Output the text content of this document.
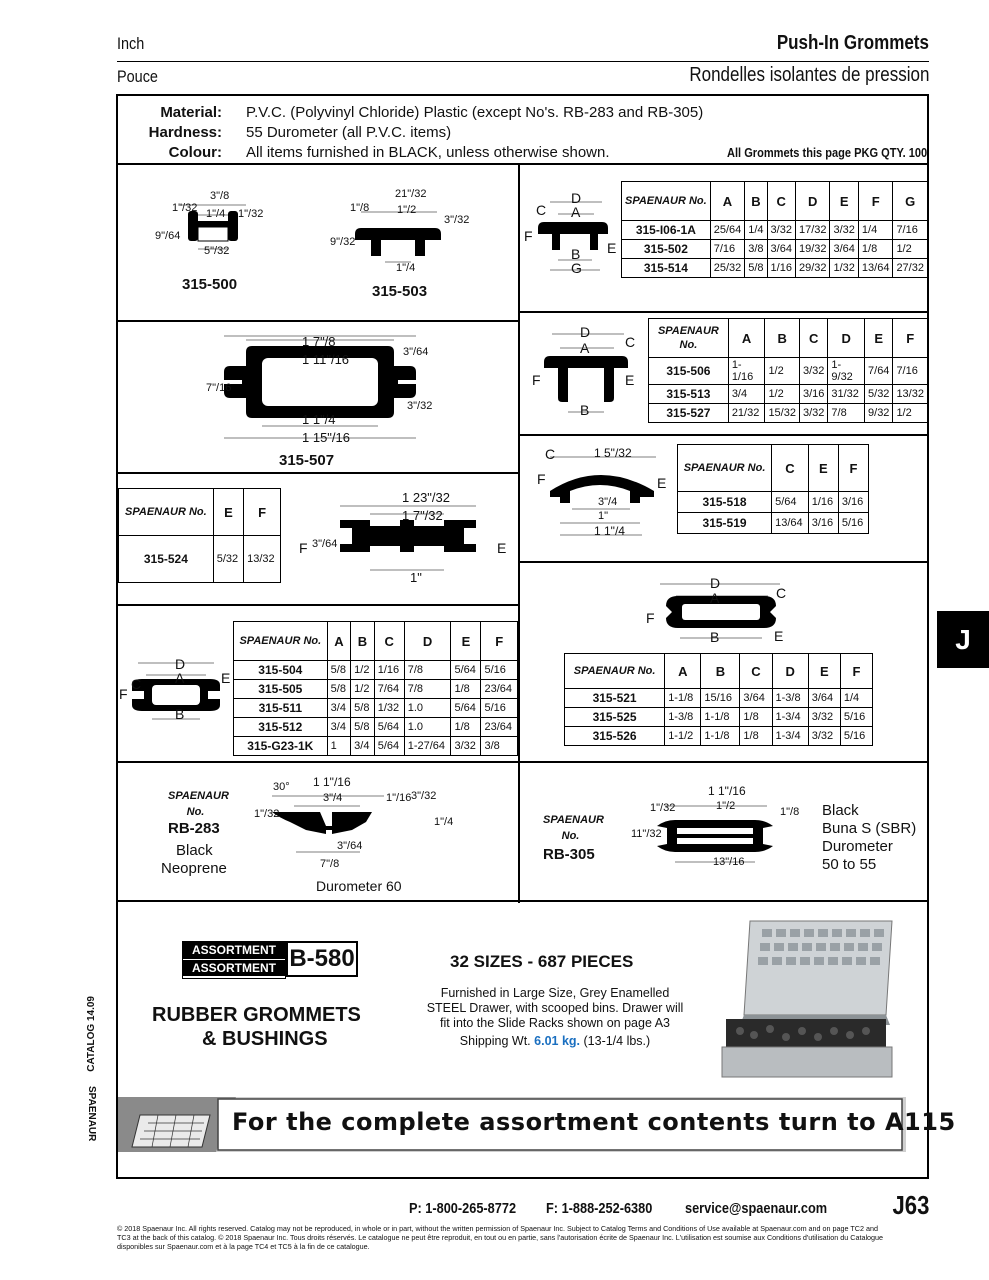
Inch	Push-In Grommets
Pouce	Rondelles isolantes de pression
Material: P.V.C. (Polyvinyl Chloride) Plastic (except No's. RB-283 and RB-305)
Hardness: 55 Durometer (all P.V.C. items)
Colour: All items furnished in BLACK, unless otherwise shown.	All Grommets this page PKG QTY. 100
3"/8
1"/32 1"/4 1"/32
9"/64
5"/32
315-500
21"/32
1"/2
1"/8
3"/32
9"/32
1"/4
315-503
D
A
C
F
B E
G
SPAENAUR No.	A	B	C	D	E	F	G
315-I06-1A	25/64	1/4	3/32	17/32	3/32	1/4	7/16
315-502	7/16	3/8	3/64	19/32	3/64	1/8	1/2
315-514	25/32	5/8	1/16	29/32	1/32	13/64	27/32
1 7"/8
1 11"/16	3"/64
7"/16
3"/32
1 1"/4
1 15"/16
315-507
D
A	C
F	E
B
SPAENAUR No.	A	B	C	D	E	F
315-506	1-1/16	1/2	3/32	1-9/32	7/64	7/16
315-513	3/4	1/2	3/16	31/32	5/32	13/32
315-527	21/32	15/32	3/32	7/8	9/32	1/2
SPAENAUR No.	E	F
315-524	5/32	13/32
1 23"/32
1 7"/32
F 3"/64	E
1"
C	1 5"/32
F	E
3"/4
1"
1 1"/4
SPAENAUR No.	C	E	F
315-518	5/64	1/16	3/16
315-519	13/64	3/16	5/16
D
A
C	E
F
B
SPAENAUR No.	A	B	C	D	E	F
315-504	5/8	1/2	1/16	7/8	5/64	5/16
315-505	5/8	1/2	7/64	7/8	1/8	23/64
315-511	3/4	5/8	1/32	1.0	5/64	5/16
315-512	3/4	5/8	5/64	1.0	1/8	23/64
315-G23-1K	1	3/4	5/64	1-27/64	3/32	3/8
D
A	C
F
B	E
SPAENAUR No.	A	B	C	D	E	F
315-521	1-1/8	15/16	3/64	1-3/8	3/64	1/4
315-525	1-3/8	1-1/8	1/8	1-3/4	3/32	5/16
315-526	1-1/2	1-1/8	1/8	1-3/4	3/32	5/16
SPAENAUR No.
RB-283
Black
Neoprene
30° 1 1"/16
3"/4	1"/16 3"/32
1"/32
1"/4
3"/64
7"/8
Durometer 60
SPAENAUR No.
RB-305
1 1"/16
1"/32	1"/2	1"/8
11"/32
13"/16
Black
Buna S (SBR)
Durometer
50 to 55
ASSORTMENT
ASSORTMENT B-580
RUBBER GROMMETS
& BUSHINGS
32 SIZES - 687 PIECES
Furnished in Large Size, Grey Enamelled
STEEL Drawer, with scooped bins. Drawer will
fit into the Slide Racks shown on page A3
Shipping Wt. 6.01 kg. (13-1/4 lbs.)
For the complete assortment contents turn to A115
CATALOG 14.09
SPAENAUR
J
P: 1-800-265-8772 F: 1-888-252-6380 service@spaenaur.com J63
© 2018 Spaenaur Inc. All rights reserved. Catalog may not be reproduced, in whole or in part, without the written permission of Spaenaur Inc. Subject to Catalog Terms and Conditions of Use available at Spaenaur.com and on page TC2 and
TC3 at the back of this catalog. © 2018 Spaenaur Inc. Tous droits réservés. Le catalogue ne peut être reproduit, en tout ou en partie, sans l'autorisation écrite de Spaenaur Inc. L'utilisation est soumise aux Conditions d'utilisation du Catalogue
disponibles sur Spaenaur.com et à la page TC4 et TC5 à la fin de ce catalogue.
